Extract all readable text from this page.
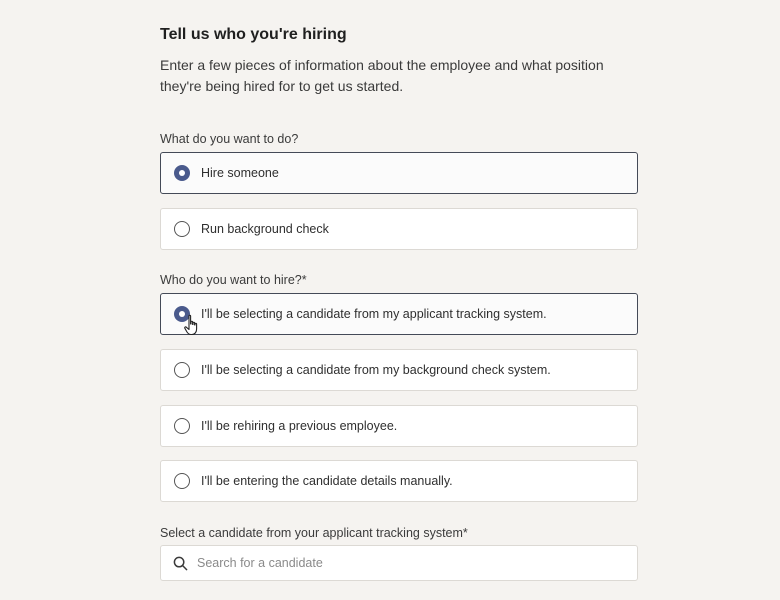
Tell us who you're hiring

Enter a few pieces of information about the employee and what position they're being hired for to get us started.

What do you want to do?
Hire someone
Run background check
Who do you want to hire?*
I'll be selecting a candidate from my applicant tracking system.
I'll be selecting a candidate from my background check system.
I'll be rehiring a previous employee.
I'll be entering the candidate details manually.
Select a candidate from your applicant tracking system*
Search for a candidate
